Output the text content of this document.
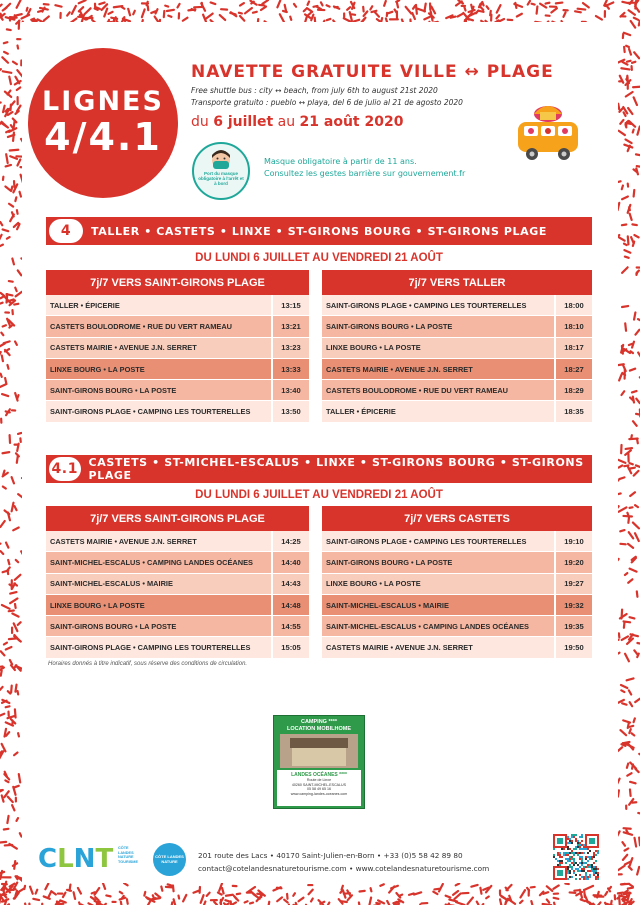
LIGNES
4/4.1
NAVETTE GRATUITE VILLE ↔ PLAGE
Free shuttle bus : city ↔ beach, from july 6th to august 21st 2020
Transporte gratuito : pueblo ↔ playa, del 6 de julio al 21 de agosto 2020
du 6 juillet au 21 août 2020
Port du masque obligatoire à l'arrêt et à bord
Masque obligatoire à partir de 11 ans.
Consultez les gestes barrière sur gouvernement.fr
4	TALLER • CASTETS • LINXE • ST-GIRONS BOURG • ST-GIRONS PLAGE
DU LUNDI 6 JUILLET AU VENDREDI 21 AOÛT
7j/7 VERS SAINT-GIRONS PLAGE
TALLER • ÉPICERIE	13:15
CASTETS BOULODROME • RUE DU VERT RAMEAU	13:21
CASTETS MAIRIE • AVENUE J.N. SERRET	13:23
LINXE BOURG • LA POSTE	13:33
SAINT-GIRONS BOURG • LA POSTE	13:40
SAINT-GIRONS PLAGE • CAMPING LES TOURTERELLES	13:50
7j/7 VERS TALLER
SAINT-GIRONS PLAGE • CAMPING LES TOURTERELLES	18:00
SAINT-GIRONS BOURG • LA POSTE	18:10
LINXE BOURG • LA POSTE	18:17
CASTETS MAIRIE • AVENUE J.N. SERRET	18:27
CASTETS BOULODROME • RUE DU VERT RAMEAU	18:29
TALLER • ÉPICERIE	18:35
4.1 CASTETS • ST-MICHEL-ESCALUS • LINXE • ST-GIRONS BOURG • ST-GIRONS PLAGE
DU LUNDI 6 JUILLET AU VENDREDI 21 AOÛT
7j/7 VERS SAINT-GIRONS PLAGE
CASTETS MAIRIE • AVENUE J.N. SERRET	14:25
SAINT-MICHEL-ESCALUS • CAMPING LANDES OCÉANES	14:40
SAINT-MICHEL-ESCALUS • MAIRIE	14:43
LINXE BOURG • LA POSTE	14:48
SAINT-GIRONS BOURG • LA POSTE	14:55
SAINT-GIRONS PLAGE • CAMPING LES TOURTERELLES	15:05
7j/7 VERS CASTETS
SAINT-GIRONS PLAGE • CAMPING LES TOURTERELLES	19:10
SAINT-GIRONS BOURG • LA POSTE	19:20
LINXE BOURG • LA POSTE	19:27
SAINT-MICHEL-ESCALUS • MAIRIE	19:32
SAINT-MICHEL-ESCALUS • CAMPING LANDES OCÉANES	19:35
CASTETS MAIRIE • AVENUE J.N. SERRET	19:50
Horaires donnés à titre indicatif, sous réserve des conditions de circulation.
CAMPING ****
LOCATION MOBILHOME
LANDES OCÉANES ****
Route de Linxe
40260 SAINT-MICHEL-ESCALUS
05 58 49 65 16
www.camping-landes-oceanes.com
CLNT CÔTE
LANDES
NATURE
TOURISME
CÔTE LANDES NATURE
201 route des Lacs • 40170 Saint-Julien-en-Born • +33 (0)5 58 42 89 80
contact@cotelandesnaturetourisme.com • www.cotelandesnaturetourisme.com
